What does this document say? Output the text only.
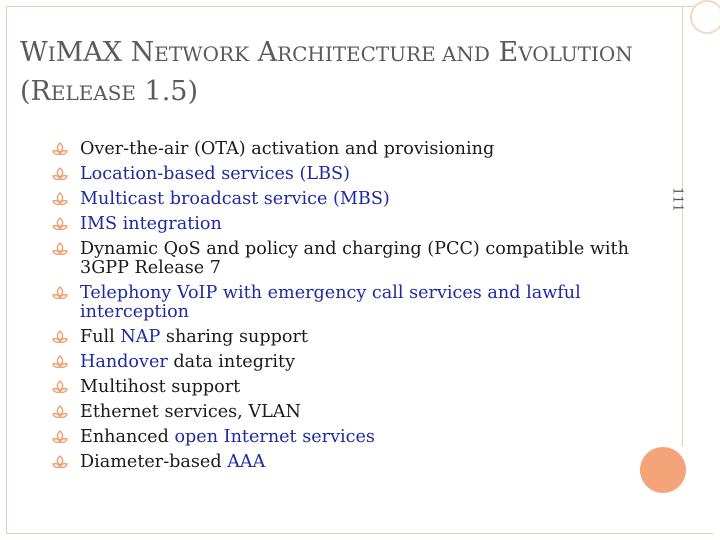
WIMAX NETWORK ARCHITECTURE AND EVOLUTION
(RELEASE 1.5)
111
Over-the-air (OTA) activation and provisioning
Location-based services (LBS)
Multicast broadcast service (MBS)
IMS integration
Dynamic QoS and policy and charging (PCC) compatible with 3GPP Release 7
Telephony VoIP with emergency call services and lawful interception
Full NAP sharing support
Handover data integrity
Multihost support
Ethernet services, VLAN
Enhanced open Internet services
Diameter-based AAA
